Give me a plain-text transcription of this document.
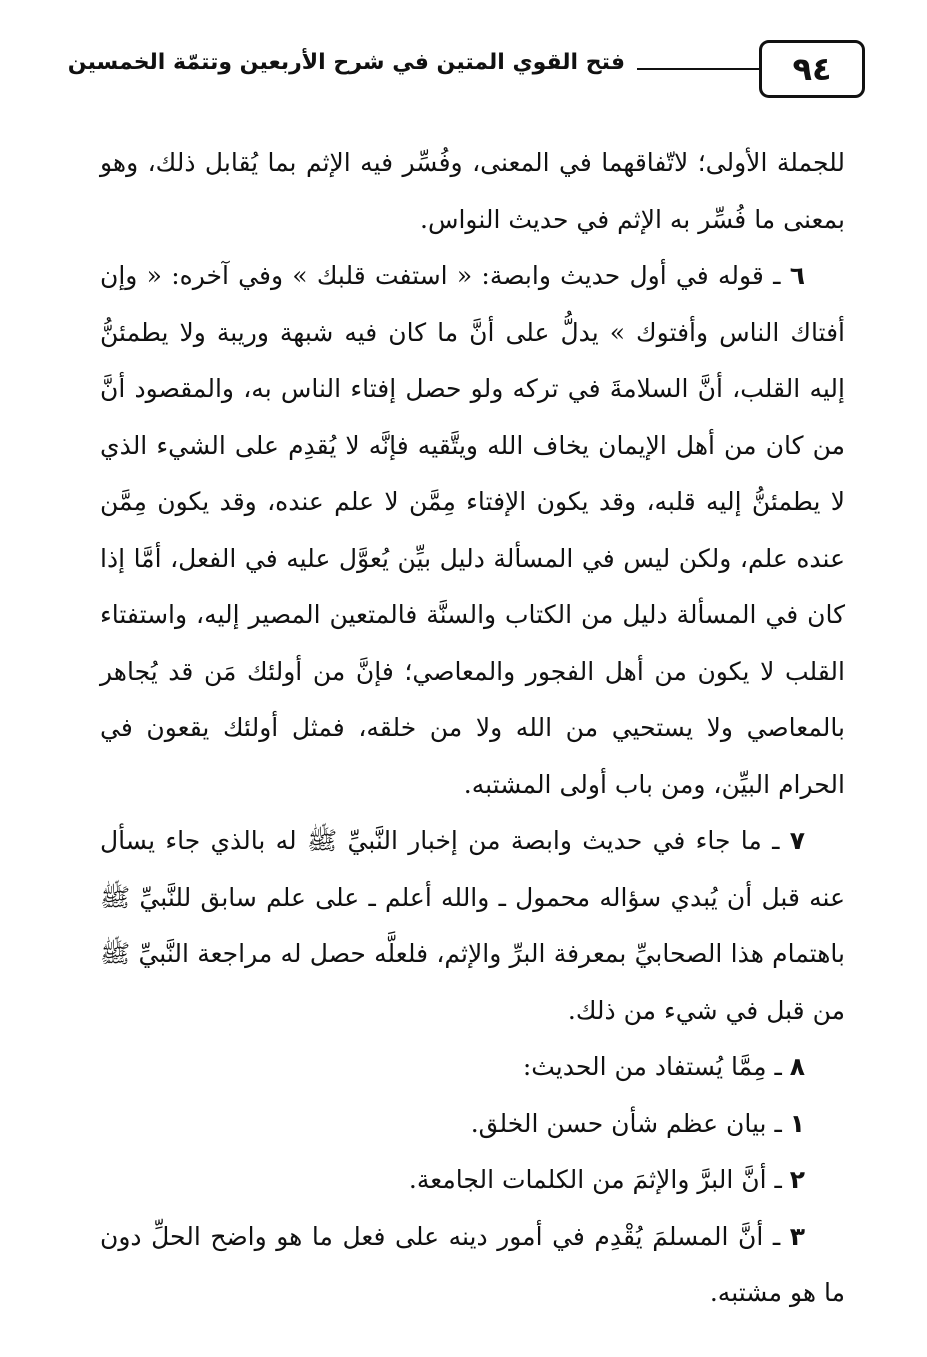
٩٤
فتح القوي المتين في شرح الأربعين وتتمّة الخمسين

للجملة الأولى؛ لاتّفاقهما في المعنى، وفُسِّر فيه الإثم بما يُقابل ذلك، وهو بمعنى ما فُسِّر به الإثم في حديث النواس.

٦ ـ قوله في أول حديث وابصة: « استفت قلبك » وفي آخره: « وإن أفتاك الناس وأفتوك » يدلُّ على أنَّ ما كان فيه شبهة وريبة ولا يطمئنُّ إليه القلب، أنَّ السلامةَ في تركه ولو حصل إفتاء الناس به، والمقصود أنَّ من كان من أهل الإيمان يخاف الله ويتَّقيه فإنَّه لا يُقدِم على الشيء الذي لا يطمئنُّ إليه قلبه، وقد يكون الإفتاء مِمَّن لا علم عنده، وقد يكون مِمَّن عنده علم، ولكن ليس في المسألة دليل بيِّن يُعوَّل عليه في الفعل، أمَّا إذا كان في المسألة دليل من الكتاب والسنَّة فالمتعين المصير إليه، واستفتاء القلب لا يكون من أهل الفجور والمعاصي؛ فإنَّ من أولئك مَن قد يُجاهر بالمعاصي ولا يستحيي من الله ولا من خلقه، فمثل أولئك يقعون في الحرام البيِّن، ومن باب أولى المشتبه.

٧ ـ ما جاء في حديث وابصة من إخبار النَّبيِّ ﷺ له بالذي جاء يسأل عنه قبل أن يُبدي سؤاله محمول ـ والله أعلم ـ على علم سابق للنَّبيِّ ﷺ باهتمام هذا الصحابيِّ بمعرفة البرِّ والإثم، فلعلَّه حصل له مراجعة النَّبيِّ ﷺ من قبل في شيء من ذلك.

٨ ـ مِمَّا يُستفاد من الحديث:

١ ـ بيان عظم شأن حسن الخلق.

٢ ـ أنَّ البرَّ والإثمَ من الكلمات الجامعة.

٣ ـ أنَّ المسلمَ يُقْدِم في أمور دينه على فعل ما هو واضح الحلِّ دون ما هو مشتبه.
